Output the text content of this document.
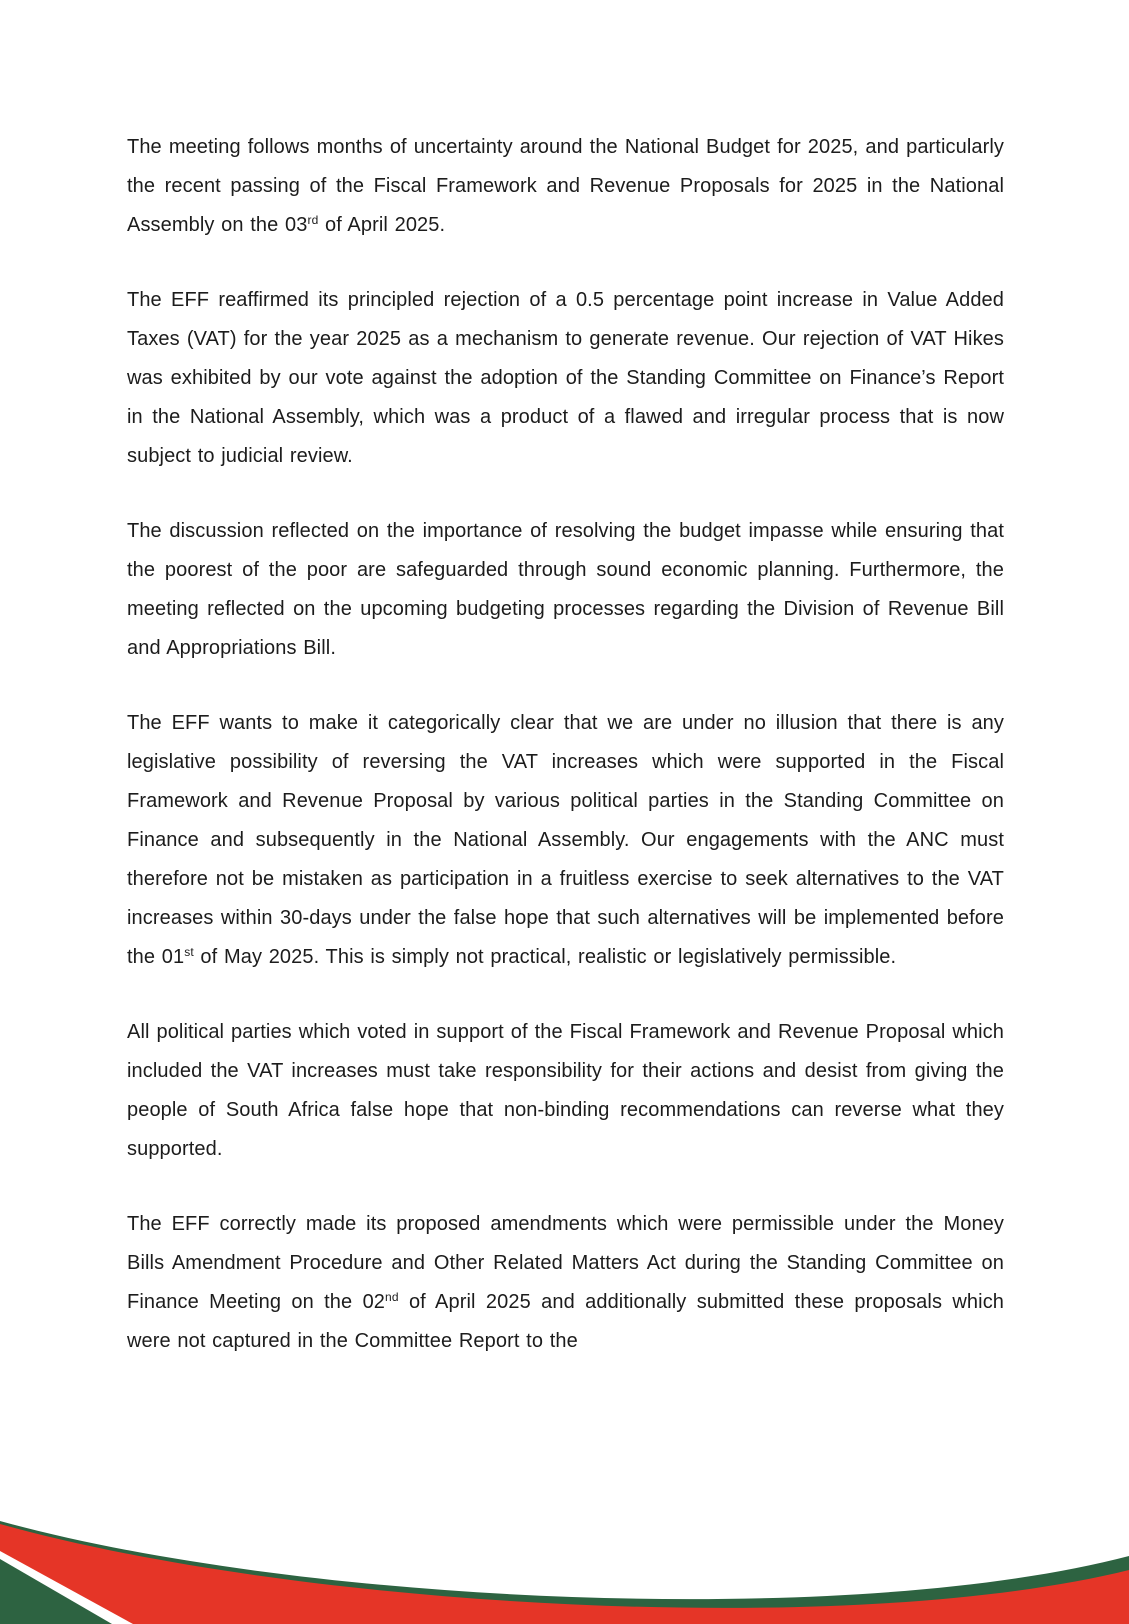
The meeting follows months of uncertainty around the National Budget for 2025, and particularly the recent passing of the Fiscal Framework and Revenue Proposals for 2025 in the National Assembly on the 03rd of April 2025.

The EFF reaffirmed its principled rejection of a 0.5 percentage point increase in Value Added Taxes (VAT) for the year 2025 as a mechanism to generate revenue. Our rejection of VAT Hikes was exhibited by our vote against the adoption of the Standing Committee on Finance’s Report in the National Assembly, which was a product of a flawed and irregular process that is now subject to judicial review.

The discussion reflected on the importance of resolving the budget impasse while ensuring that the poorest of the poor are safeguarded through sound economic planning. Furthermore, the meeting reflected on the upcoming budgeting processes regarding the Division of Revenue Bill and Appropriations Bill.

The EFF wants to make it categorically clear that we are under no illusion that there is any legislative possibility of reversing the VAT increases which were supported in the Fiscal Framework and Revenue Proposal by various political parties in the Standing Committee on Finance and subsequently in the National Assembly. Our engagements with the ANC must therefore not be mistaken as participation in a fruitless exercise to seek alternatives to the VAT increases within 30-days under the false hope that such alternatives will be implemented before the 01st of May 2025. This is simply not practical, realistic or legislatively permissible.

All political parties which voted in support of the Fiscal Framework and Revenue Proposal which included the VAT increases must take responsibility for their actions and desist from giving the people of South Africa false hope that non-binding recommendations can reverse what they supported.

The EFF correctly made its proposed amendments which were permissible under the Money Bills Amendment Procedure and Other Related Matters Act during the Standing Committee on Finance Meeting on the 02nd of April 2025 and additionally submitted these proposals which were not captured in the Committee Report to the
